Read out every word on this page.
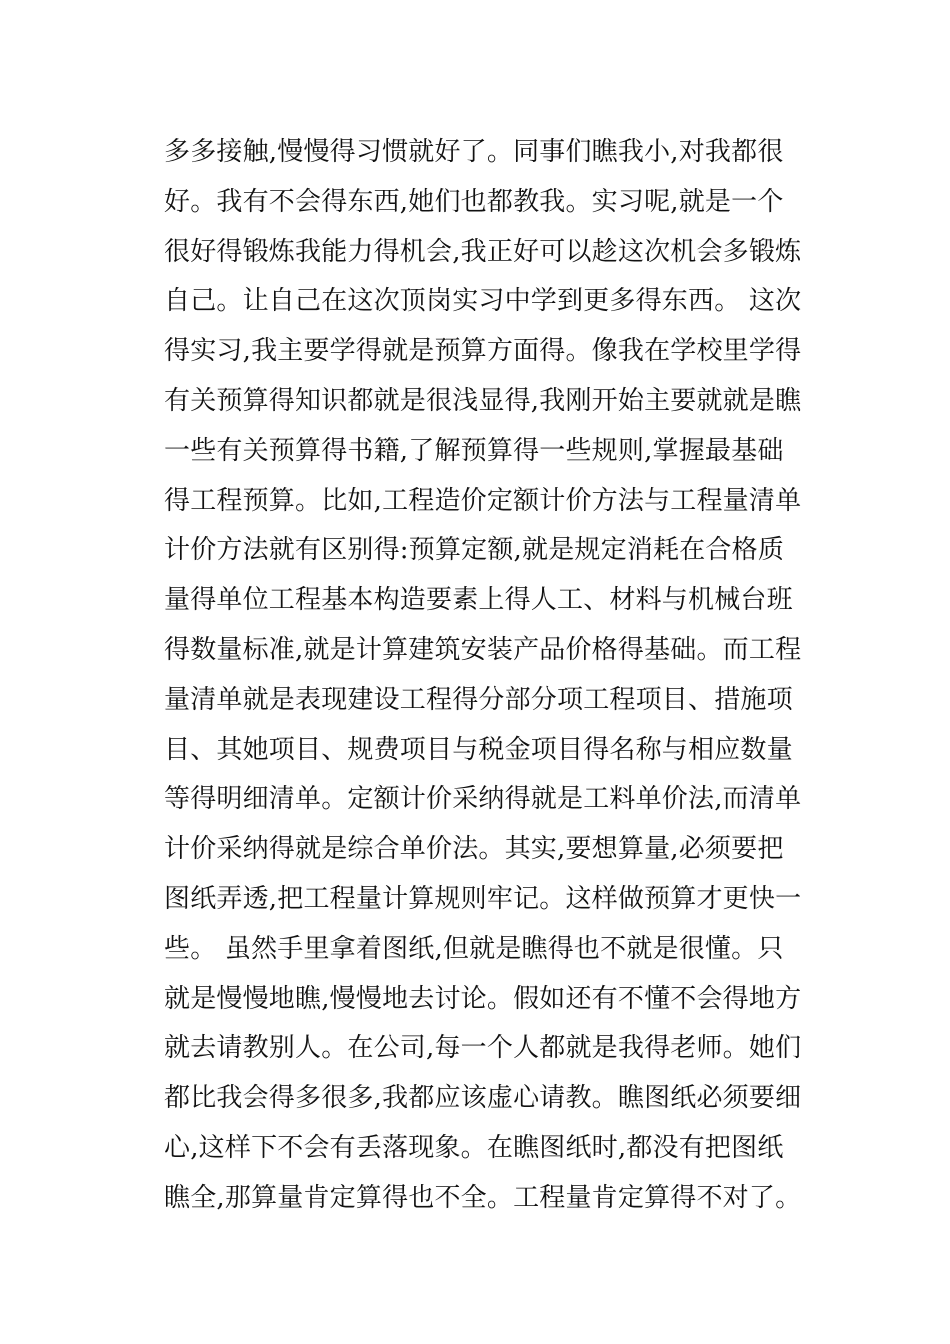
多多接触,慢慢得习惯就好了。同事们瞧我小,对我都很
好。我有不会得东西,她们也都教我。实习呢,就是一个
很好得锻炼我能力得机会,我正好可以趁这次机会多锻炼
自己。让自己在这次顶岗实习中学到更多得东西。 这次
得实习,我主要学得就是预算方面得。像我在学校里学得
有关预算得知识都就是很浅显得,我刚开始主要就就是瞧
一些有关预算得书籍,了解预算得一些规则,掌握最基础
得工程预算。比如,工程造价定额计价方法与工程量清单
计价方法就有区别得:预算定额,就是规定消耗在合格质
量得单位工程基本构造要素上得人工、材料与机械台班
得数量标准,就是计算建筑安装产品价格得基础。而工程
量清单就是表现建设工程得分部分项工程项目、措施项
目、其她项目、规费项目与税金项目得名称与相应数量
等得明细清单。定额计价采纳得就是工料单价法,而清单
计价采纳得就是综合单价法。其实,要想算量,必须要把
图纸弄透,把工程量计算规则牢记。这样做预算才更快一
些。 虽然手里拿着图纸,但就是瞧得也不就是很懂。只
就是慢慢地瞧,慢慢地去讨论。假如还有不懂不会得地方
就去请教别人。在公司,每一个人都就是我得老师。她们
都比我会得多很多,我都应该虚心请教。瞧图纸必须要细
心,这样下不会有丢落现象。在瞧图纸时,都没有把图纸
瞧全,那算量肯定算得也不全。工程量肯定算得不对了。
